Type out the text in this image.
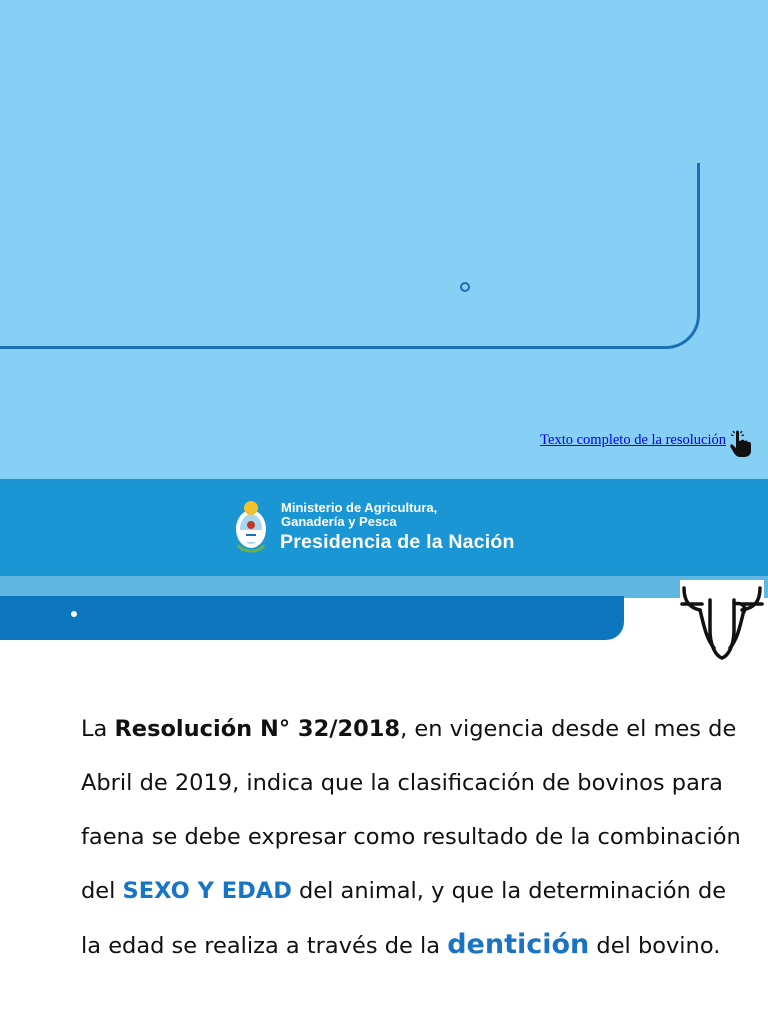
Texto completo de la resolución
Ministerio de Agricultura,
Ganadería y Pesca
Presidencia de la Nación
La Resolución N° 32/2018, en vigencia desde el mes de Abril de 2019, indica que la clasificación de bovinos para faena se debe expresar como resultado de la combinación del SEXO Y EDAD del animal, y que la determinación de la edad se realiza a través de la dentición del bovino.
